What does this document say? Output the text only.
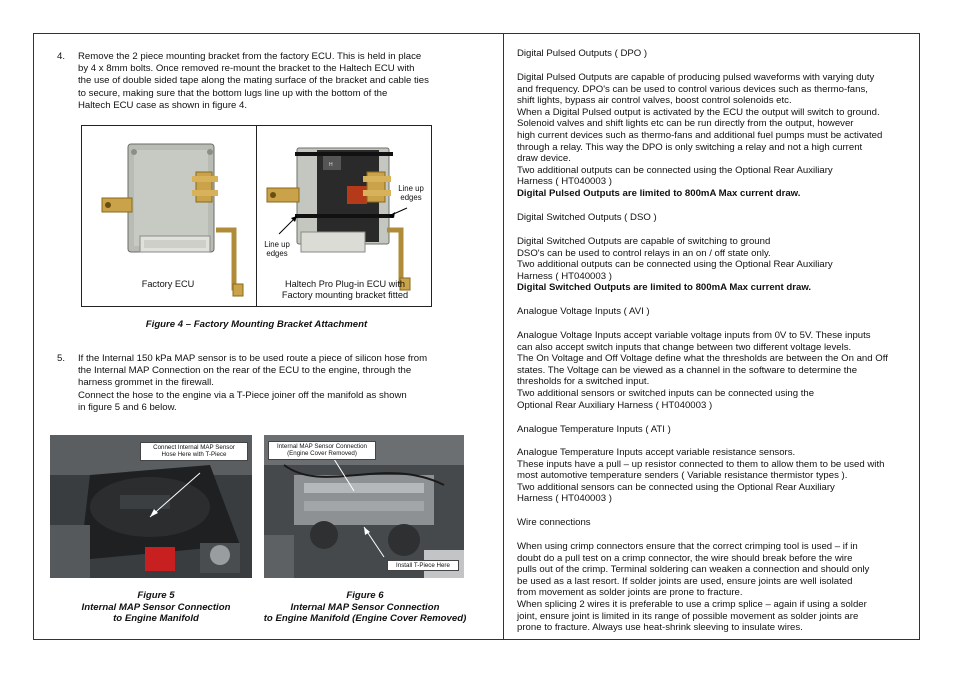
4. Remove the 2 piece mounting bracket from the factory ECU. This is held in place
by 4 x 8mm bolts. Once removed re-mount the bracket to the Haltech ECU with
the use of double sided tape along the mating surface of the bracket and cable ties
to secure, making sure that the bottom lugs line up with the bottom of the
Haltech ECU case as shown in figure 4.
Factory ECU
H
Line up
edges
Line up
edges
Haltech Pro Plug-in ECU with
Factory mounting bracket fitted
Figure 4 – Factory Mounting Bracket Attachment
5. If the Internal 150 kPa MAP sensor is to be used route a piece of silicon hose from
the Internal MAP Connection on the rear of the ECU to the engine, through the
harness grommet in the firewall.
Connect the hose to the engine via a T-Piece joiner off the manifold as shown
in figure 5 and 6 below.
Connect Internal MAP Sensor
Hose Here with T-Piece
Internal MAP Sensor Connection
(Engine Cover Removed)
Install T-Piece Here
Figure 5
Internal MAP Sensor Connection
to Engine Manifold
Figure 6
Internal MAP Sensor Connection
to Engine Manifold (Engine Cover Removed)
Digital Pulsed Outputs ( DPO )
Digital Pulsed Outputs are capable of producing pulsed waveforms with varying duty
and frequency. DPO's can be used to control various devices such as thermo-fans,
shift lights, bypass air control valves, boost control solenoids etc.
When a Digital Pulsed output is activated by the ECU the output will switch to ground.
Solenoid valves and shift lights etc can be run directly from the output, however
high current devices such as thermo-fans and additional fuel pumps must be activated
through a relay. This way the DPO is only switching a relay and not a high current
draw device.
Two additional outputs can be connected using the Optional Rear Auxiliary
Harness ( HT040003 )
Digital Pulsed Outputs are limited to 800mA Max current draw.
Digital Switched Outputs ( DSO )
Digital Switched Outputs are capable of switching to ground
DSO's can be used to control relays in an on / off state only.
Two additional outputs can be connected using the Optional Rear Auxiliary
Harness ( HT040003 )
Digital Switched Outputs are limited to 800mA Max current draw.
Analogue Voltage Inputs ( AVI )
Analogue Voltage Inputs accept variable voltage inputs from 0V to 5V. These inputs
can also accept switch inputs that change between two different voltage levels.
The On Voltage and Off Voltage define what the thresholds are between the On and Off
states. The Voltage can be viewed as a channel in the software to determine the
thresholds for a switched input.
Two additional sensors or switched inputs can be connected using the
Optional Rear Auxiliary Harness ( HT040003 )
Analogue Temperature Inputs ( ATI )
Analogue Temperature Inputs accept variable resistance sensors.
These inputs have a pull – up resistor connected to them to allow them to be used with
most automotive temperature senders ( Variable resistance thermistor types ).
Two additional sensors can be connected using the Optional Rear Auxiliary
Harness ( HT040003 )
Wire connections
When using crimp connectors ensure that the correct crimping tool is used – if in
doubt do a pull test on a crimp connector, the wire should break before the wire
pulls out of the crimp. Terminal soldering can weaken a connection and should only
be used as a last resort. If solder joints are used, ensure joints are well isolated
from movement as solder joints are prone to fracture.
When splicing 2 wires it is preferable to use a crimp splice – again if using a solder
joint, ensure joint is limited in its range of possible movement as solder joints are
prone to fracture. Always use heat-shrink sleeving to insulate wires.
